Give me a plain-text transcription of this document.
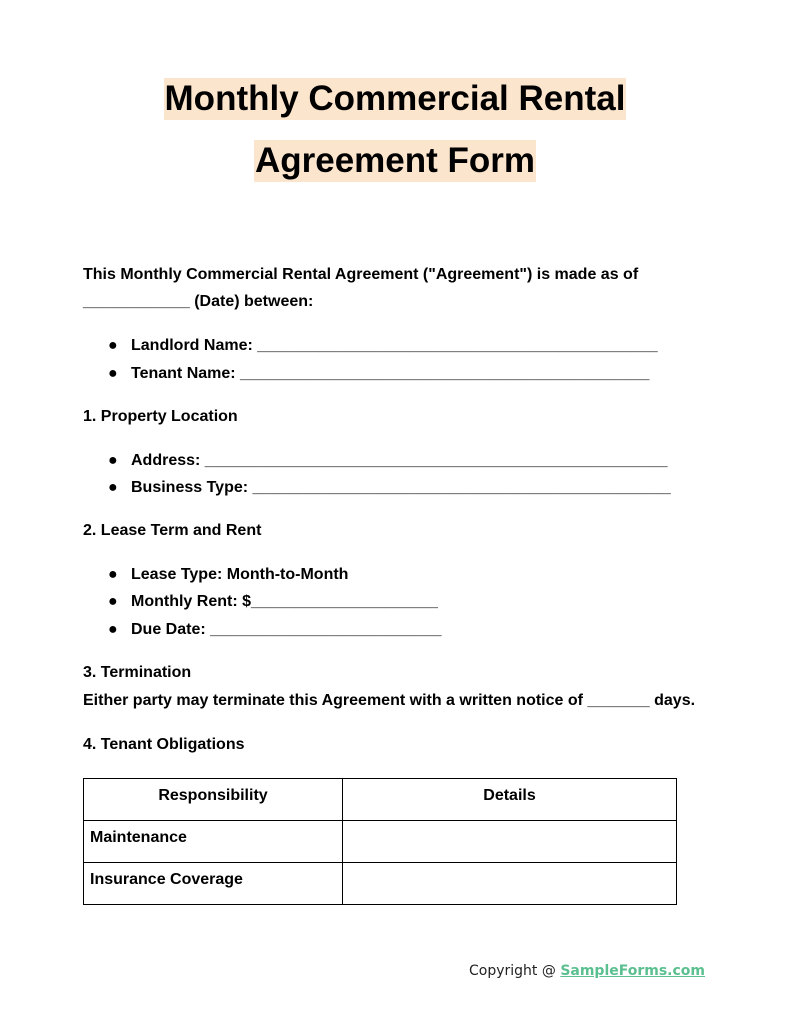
Monthly Commercial Rental
Agreement Form
This Monthly Commercial Rental Agreement ("Agreement") is made as of
____________ (Date) between:
● Landlord Name: _____________________________________________
● Tenant Name: ______________________________________________
1. Property Location
● Address: ____________________________________________________
● Business Type: _______________________________________________
2. Lease Term and Rent
● Lease Type: Month-to-Month
● Monthly Rent: $_____________________
● Due Date: __________________________
3. Termination
Either party may terminate this Agreement with a written notice of _______ days.
4. Tenant Obligations
Responsibility	Details
Maintenance	
Insurance Coverage	
Copyright @ SampleForms.com
